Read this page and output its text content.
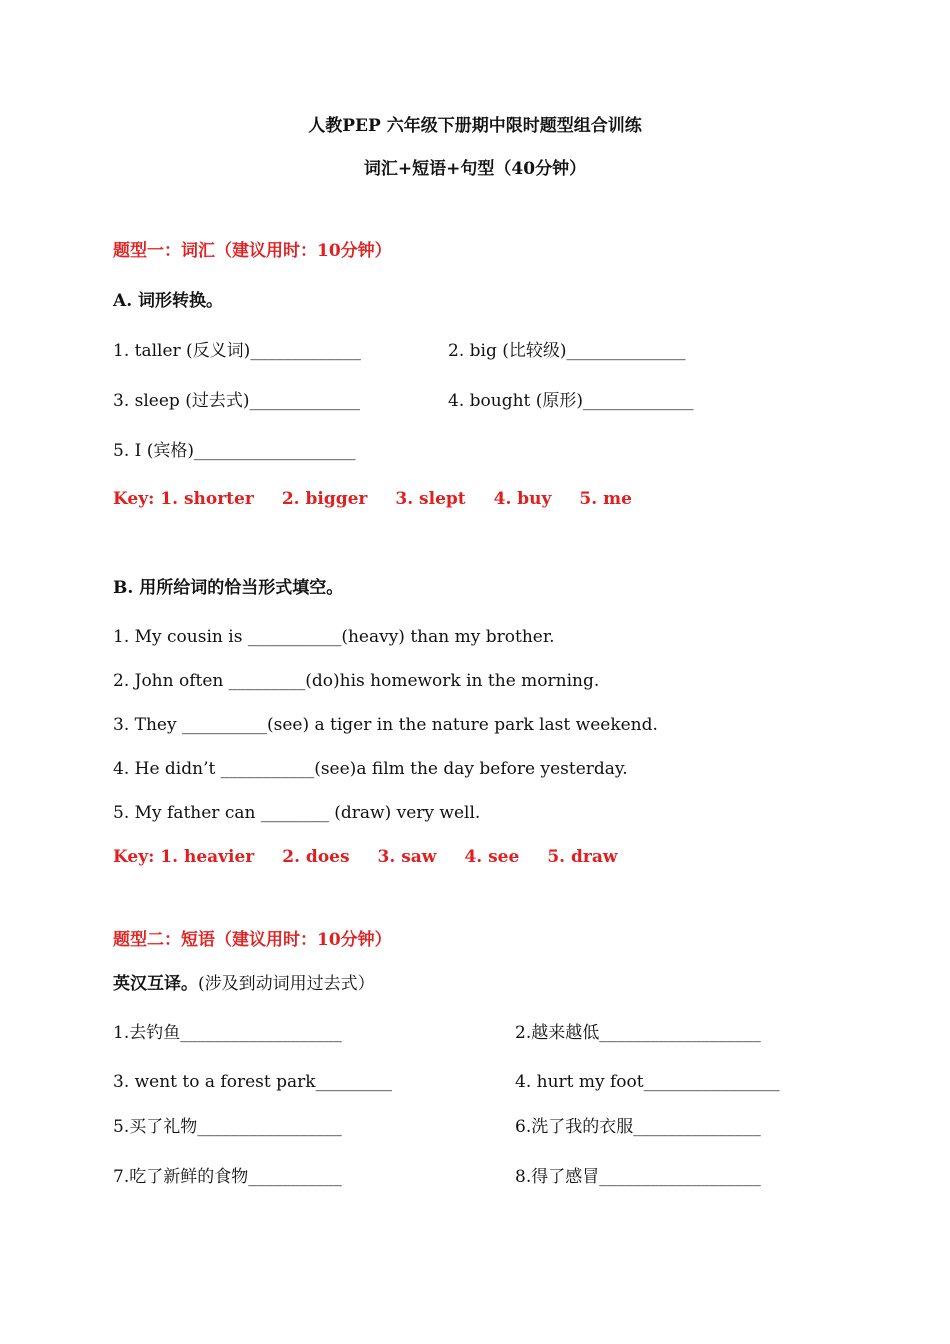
人教PEP 六年级下册期中限时题型组合训练
词汇+短语+句型（40分钟）
题型一：词汇（建议用时：10分钟）
A. 词形转换。
1. taller (反义词)_____________	2. big (比较级)______________
3. sleep (过去式)_____________	4. bought (原形)_____________
5. I (宾格)___________________
Key: 1. shorter 2. bigger 3. slept 4. buy 5. me
B. 用所给词的恰当形式填空。
1. My cousin is ___________(heavy) than my brother.
2. John often _________(do)his homework in the morning.
3. They __________(see) a tiger in the nature park last weekend.
4. He didn’t ___________(see)a film the day before yesterday.
5. My father can ________ (draw) very well.
Key: 1. heavier 2. does 3. saw 4. see 5. draw
题型二：短语（建议用时：10分钟）
英汉互译。(涉及到动词用过去式）
1.去钓鱼___________________	2.越来越低___________________
3. went to a forest park_________	4. hurt my foot________________
5.买了礼物_________________	6.洗了我的衣服_______________
7.吃了新鲜的食物___________	8.得了感冒___________________
